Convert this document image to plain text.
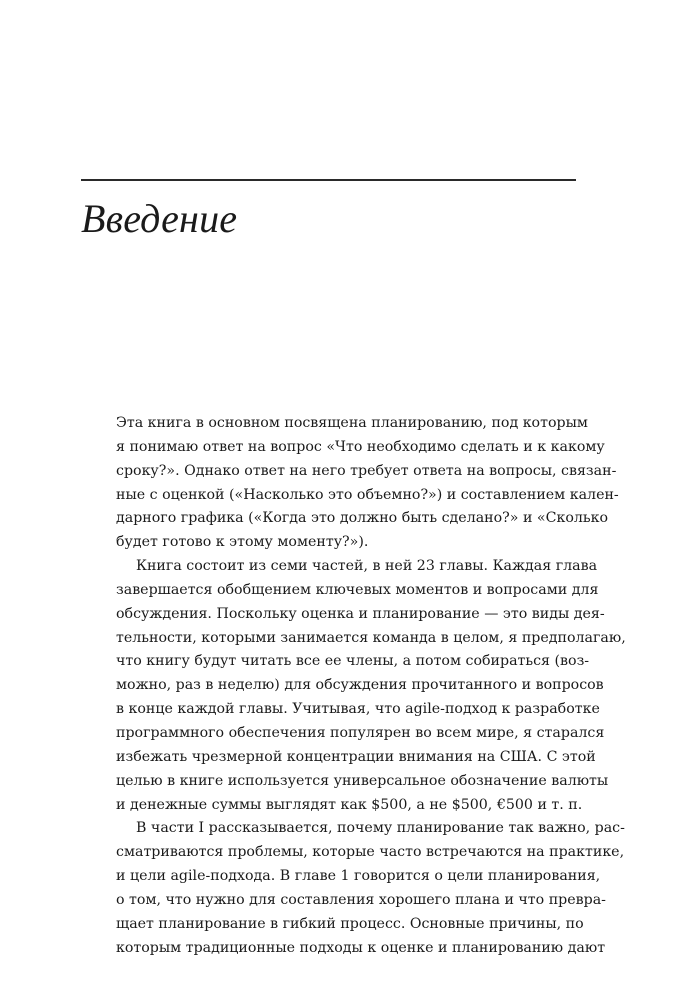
Введение
Эта книга в основном посвящена планированию, под которым
я понимаю ответ на вопрос «Что необходимо сделать и к какому
сроку?». Однако ответ на него требует ответа на вопросы, связан-
ные с оценкой («Насколько это объемно?») и составлением кален-
дарного графика («Когда это должно быть сделано?» и «Сколько
будет готово к этому моменту?»).
Книга состоит из семи частей, в ней 23 главы. Каждая глава
завершается обобщением ключевых моментов и вопросами для
обсуждения. Поскольку оценка и планирование — это виды дея-
тельности, которыми занимается команда в целом, я предполагаю,
что книгу будут читать все ее члены, а потом собираться (воз-
можно, раз в неделю) для обсуждения прочитанного и вопросов
в конце каждой главы. Учитывая, что agile-подход к разработке
программного обеспечения популярен во всем мире, я старался
избежать чрезмерной концентрации внимания на США. С этой
целью в книге используется универсальное обозначение валюты
и денежные суммы выглядят как $500, а не $500, €500 и т. п.
В части I рассказывается, почему планирование так важно, рас-
сматриваются проблемы, которые часто встречаются на практике,
и цели agile-подхода. В главе 1 говорится о цели планирования,
о том, что нужно для составления хорошего плана и что превра-
щает планирование в гибкий процесс. Основные причины, по
которым традиционные подходы к оценке и планированию дают
